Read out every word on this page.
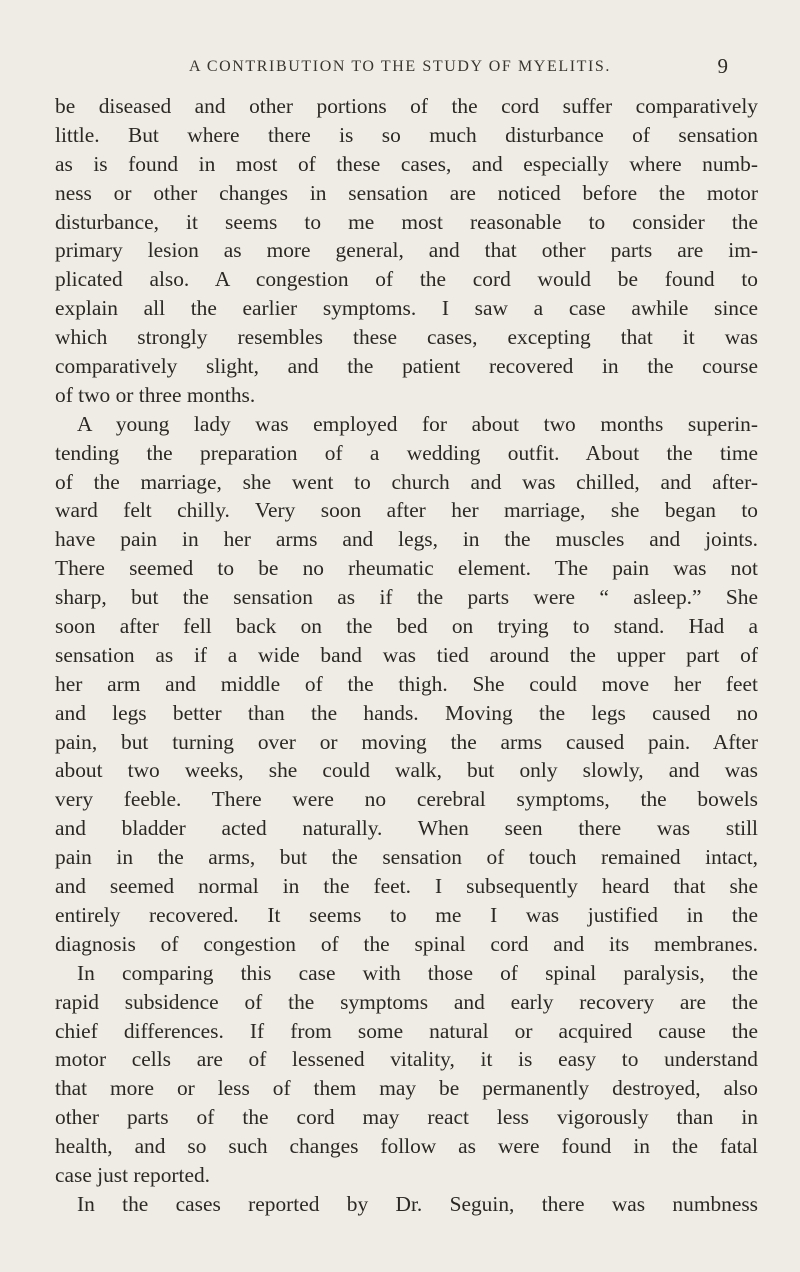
A CONTRIBUTION TO THE STUDY OF MYELITIS.	9
be diseased and other portions of the cord suffer comparatively
little. But where there is so much disturbance of sensation
as is found in most of these cases, and especially where numb-
ness or other changes in sensation are noticed before the motor
disturbance, it seems to me most reasonable to consider the
primary lesion as more general, and that other parts are im-
plicated also. A congestion of the cord would be found to
explain all the earlier symptoms. I saw a case awhile since
which strongly resembles these cases, excepting that it was
comparatively slight, and the patient recovered in the course
of two or three months.
A young lady was employed for about two months superin-
tending the preparation of a wedding outfit. About the time
of the marriage, she went to church and was chilled, and after-
ward felt chilly. Very soon after her marriage, she began to
have pain in her arms and legs, in the muscles and joints.
There seemed to be no rheumatic element. The pain was not
sharp, but the sensation as if the parts were “ asleep.” She
soon after fell back on the bed on trying to stand. Had a
sensation as if a wide band was tied around the upper part of
her arm and middle of the thigh. She could move her feet
and legs better than the hands. Moving the legs caused no
pain, but turning over or moving the arms caused pain. After
about two weeks, she could walk, but only slowly, and was
very feeble. There were no cerebral symptoms, the bowels
and bladder acted naturally. When seen there was still
pain in the arms, but the sensation of touch remained intact,
and seemed normal in the feet. I subsequently heard that she
entirely recovered. It seems to me I was justified in the
diagnosis of congestion of the spinal cord and its membranes.
In comparing this case with those of spinal paralysis, the
rapid subsidence of the symptoms and early recovery are the
chief differences. If from some natural or acquired cause the
motor cells are of lessened vitality, it is easy to understand
that more or less of them may be permanently destroyed, also
other parts of the cord may react less vigorously than in
health, and so such changes follow as were found in the fatal
case just reported.
In the cases reported by Dr. Seguin, there was numbness
